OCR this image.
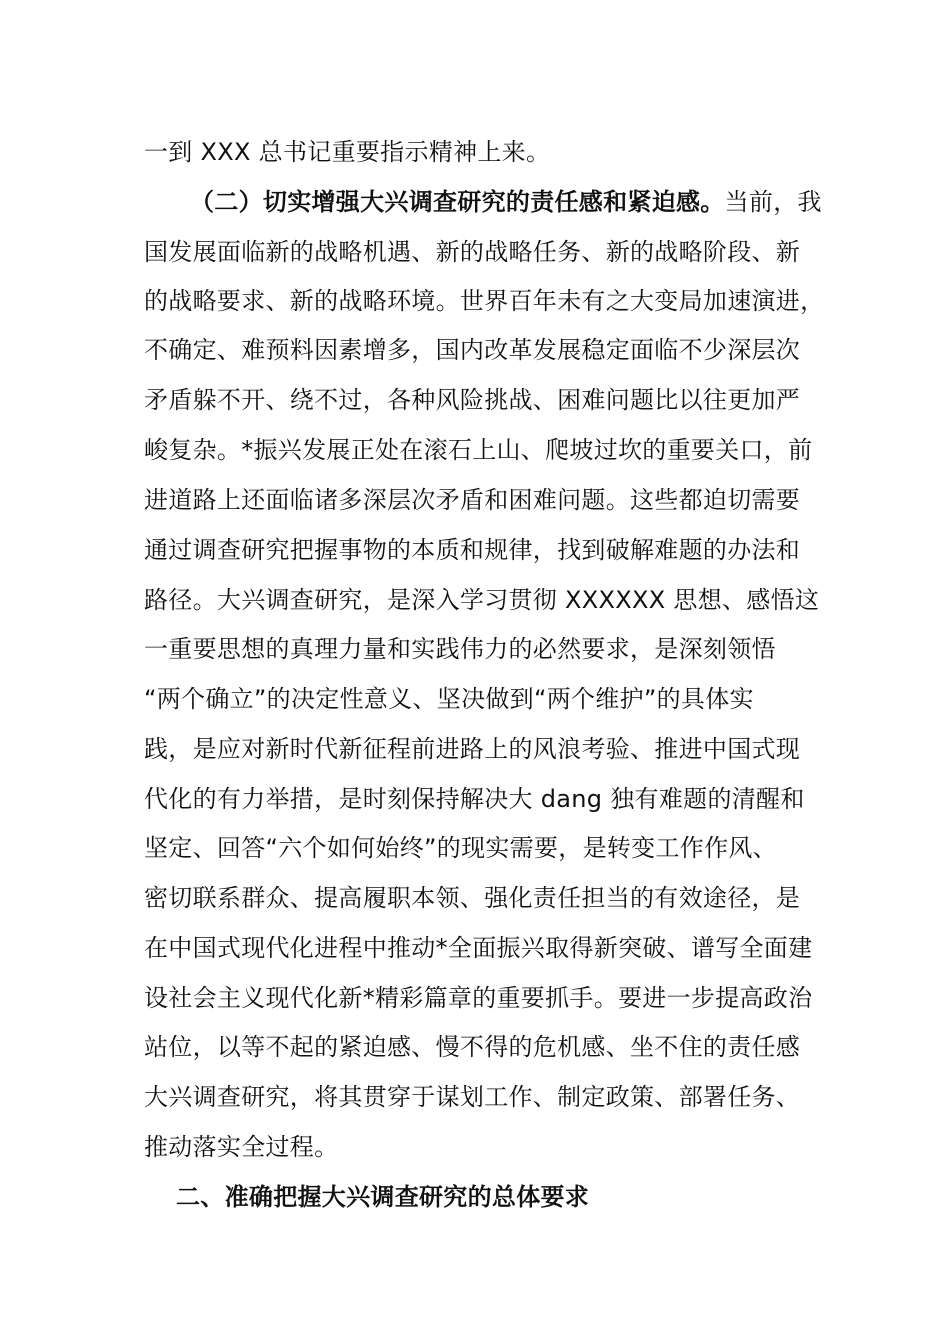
一到 XXX 总书记重要指示精神上来。
（二）切实增强大兴调查研究的责任感和紧迫感。当前，我
国发展面临新的战略机遇、新的战略任务、新的战略阶段、新
的战略要求、新的战略环境。世界百年未有之大变局加速演进，
不确定、难预料因素增多，国内改革发展稳定面临不少深层次
矛盾躲不开、绕不过，各种风险挑战、困难问题比以往更加严
峻复杂。*振兴发展正处在滚石上山、爬坡过坎的重要关口，前
进道路上还面临诸多深层次矛盾和困难问题。这些都迫切需要
通过调查研究把握事物的本质和规律，找到破解难题的办法和
路径。大兴调查研究，是深入学习贯彻 XXXXXX 思想、感悟这
一重要思想的真理力量和实践伟力的必然要求，是深刻领悟
“两个确立”的决定性意义、坚决做到“两个维护”的具体实
践，是应对新时代新征程前进路上的风浪考验、推进中国式现
代化的有力举措，是时刻保持解决大 dang 独有难题的清醒和
坚定、回答“六个如何始终”的现实需要，是转变工作作风、
密切联系群众、提高履职本领、强化责任担当的有效途径，是
在中国式现代化进程中推动*全面振兴取得新突破、谱写全面建
设社会主义现代化新*精彩篇章的重要抓手。要进一步提高政治
站位，以等不起的紧迫感、慢不得的危机感、坐不住的责任感
大兴调查研究，将其贯穿于谋划工作、制定政策、部署任务、
推动落实全过程。
二、准确把握大兴调查研究的总体要求
